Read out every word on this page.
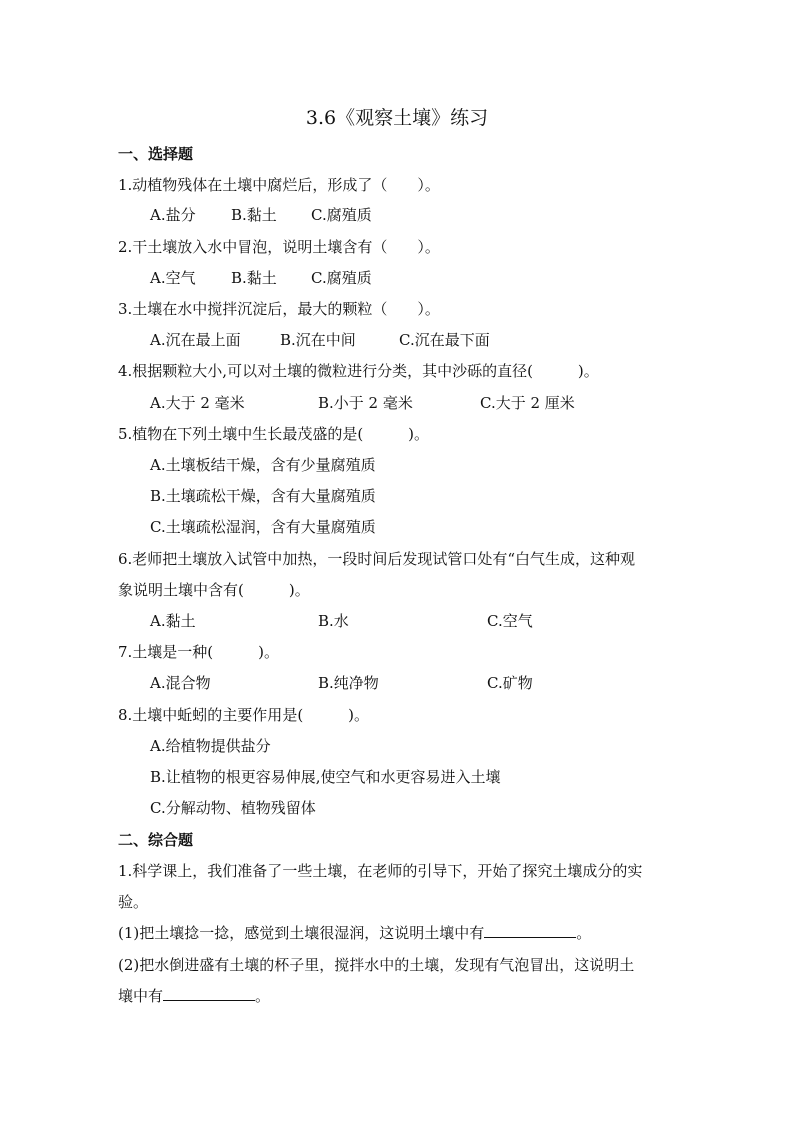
3.6《观察土壤》练习
一、选择题
1.动植物残体在土壤中腐烂后，形成了（　　）。
A.盐分 B.黏土 C.腐殖质
2.干土壤放入水中冒泡，说明土壤含有（　　）。
A.空气 B.黏土 C.腐殖质
3.土壤在水中搅拌沉淀后，最大的颗粒（　　）。
A.沉在最上面	B.沉在中间	C.沉在最下面
4.根据颗粒大小,可以对土壤的微粒进行分类，其中沙砾的直径(　　　)。
A.大于 2 毫米	B.小于 2 毫米	C.大于 2 厘米
5.植物在下列土壤中生长最茂盛的是(　　　)。
A.土壤板结干燥，含有少量腐殖质
B.土壤疏松干燥，含有大量腐殖质
C.土壤疏松湿润，含有大量腐殖质
6.老师把土壤放入试管中加热，一段时间后发现试管口处有“白气生成，这种观
象说明土壤中含有(　　　)。
A.黏土	B.水	C.空气
7.土壤是一种(　　　)。
A.混合物	B.纯净物	C.矿物
8.土壤中蚯蚓的主要作用是(　　　)。
A.给植物提供盐分
B.让植物的根更容易伸展,使空气和水更容易进入土壤
C.分解动物、植物残留体
二、综合题
1.科学课上，我们准备了一些土壤，在老师的引导下，开始了探究土壤成分的实
验。
(1)把土壤捻一捻，感觉到土壤很湿润，这说明土壤中有	。
(2)把水倒进盛有土壤的杯子里，搅拌水中的土壤，发现有气泡冒出，这说明土
壤中有	。
